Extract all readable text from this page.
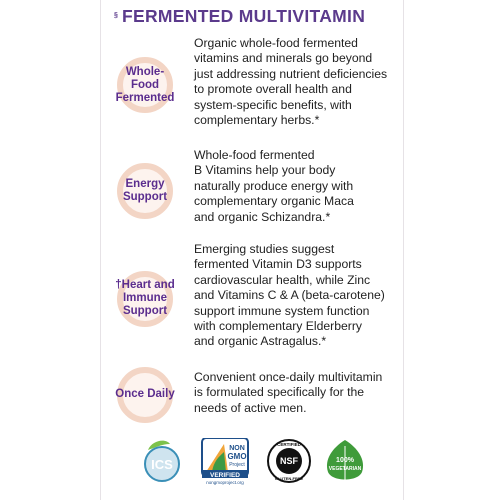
§ FERMENTED MULTIVITAMIN
Whole-
Food
Fermented
Organic whole-food fermented
vitamins and minerals go beyond
just addressing nutrient deficiencies
to promote overall health and
system-specific benefits, with
complementary herbs.*
Energy
Support
Whole-food fermented
B Vitamins help your body
naturally produce energy with
complementary organic Maca
and organic Schizandra.*
†Heart and
Immune
Support
Emerging studies suggest
fermented Vitamin D3 supports
cardiovascular health, while Zinc
and Vitamins C & A (beta-carotene)
support immune system function
with complementary Elderberry
and organic Astragalus.*
Once Daily
Convenient once-daily multivitamin
is formulated specifically for the
needs of active men.
ICS
NON
GMO
Project
VERIFIED
nongmoproject.org
CERTIFIED
NSF
GLUTEN-FREE
100%
VEGETARIAN
